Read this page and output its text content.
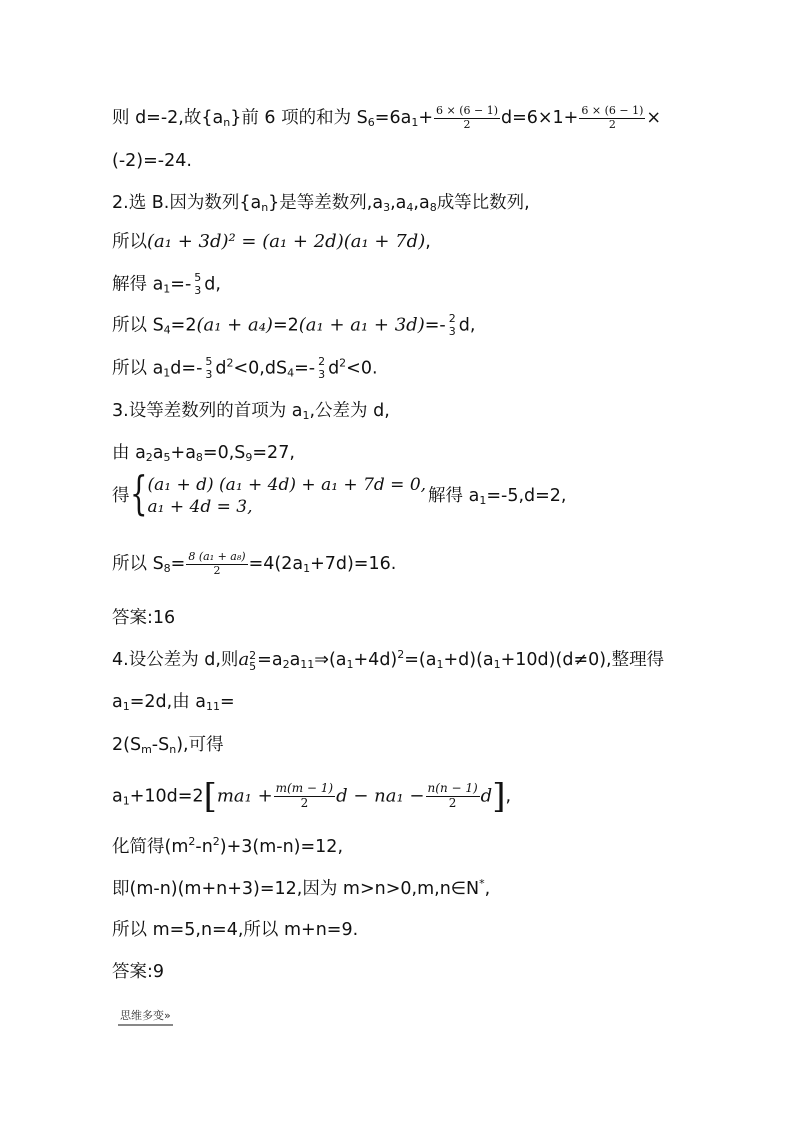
则 d=-2,故$\{a_n\}$前 6 项的和为 $S_6=6a_1+ \frac{6 \times (6 - 1)}{2} d=6\times 1+ \frac{6 \times (6 - 1)}{2}$ ×
(-2)=-24.
2.选 B.因为数列$\{a_n\}$是等差数列$,a_3,a_4,a_8$成等比数列,
所以(a₁ + 3d)² = (a₁ + 2d)(a₁ + 7d),
解得 $a_1=-$ 5
3 d,
所以 $S_4=2(a_1 + a_4)=2(a_1 + a_1 + 3d)=-$ 2
3 d,
所以 $a_1d=-$ 5
3 $d^2<0,dS_4=-$ 2
3 $d^2<0$.
3.设等差数列的首项为 $a_1$,公差为 d,
由 $a_2a_5+a_8=0,S_9=27$,
得 { (a₁ + d) (a₁ + 4d) + a₁ + 7d = 0,
a₁ + 4d = 3,
解得 $a_1=-5,d=2$,
所以 $S_8= \frac{\text{8 (a₁ + a₈)}}{2} =4(2a_1+7d)=16$.
答案:16
4.设公差为 d,则a 2
$5 =a_2a_{11}\Rightarrow(a_1+4d)^2=(a_1+d)(a_1+10d)(d\ne 0)$,整理得
$a_1=2d$,由 $a_{11}=$
$2(S_m-S_n)$,可得
$a_1+10d=2[ma_1 + \frac{m(m - 1)}{2}$ $d - na_1 - \frac{n(n - 1)}{2} d$],
化简得$(m^2-n^2)+3(m-n)=12$,
即(m-n)(m+n+3)=12,因为 m>n>0,m,n∈N*,
所以 m=5,n=4,所以 m+n=9.
答案:9
思维多变»
